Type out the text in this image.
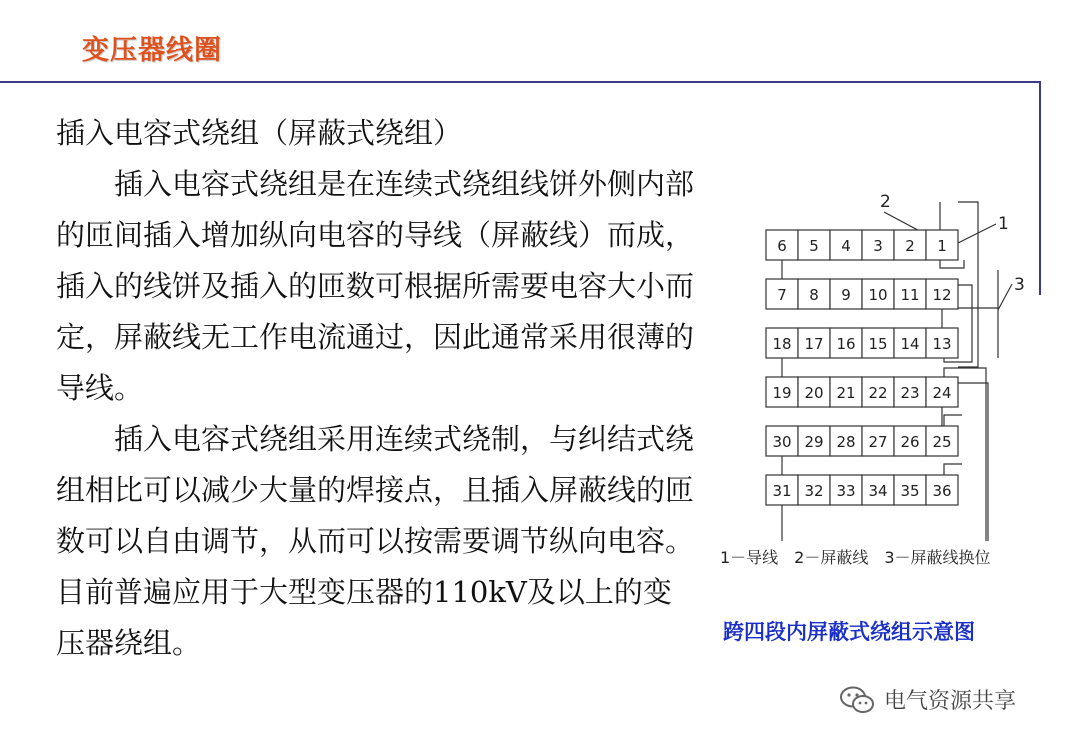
变压器线圈

插入电容式绕组（屏蔽式绕组）

插入电容式绕组是在连续式绕组线饼外侧内部的匝间插入增加纵向电容的导线（屏蔽线）而成，插入的线饼及插入的匝数可根据所需要电容大小而定，屏蔽线无工作电流通过，因此通常采用很薄的导线。

插入电容式绕组采用连续式绕制，与纠结式绕组相比可以减少大量的焊接点，且插入屏蔽线的匝数可以自由调节，从而可以按需要调节纵向电容。目前普遍应用于大型变压器的110kV及以上的变压器绕组。

6 5 4 3 2 1
7 8 9 10 11 12
18 17 16 15 14 13
19 20 21 22 23 24
30 29 28 27 26 25
31 32 33 34 35 36
2
1
3
1－导线　2－屏蔽线　3－屏蔽线换位
跨四段内屏蔽式绕组示意图
电气资源共享
